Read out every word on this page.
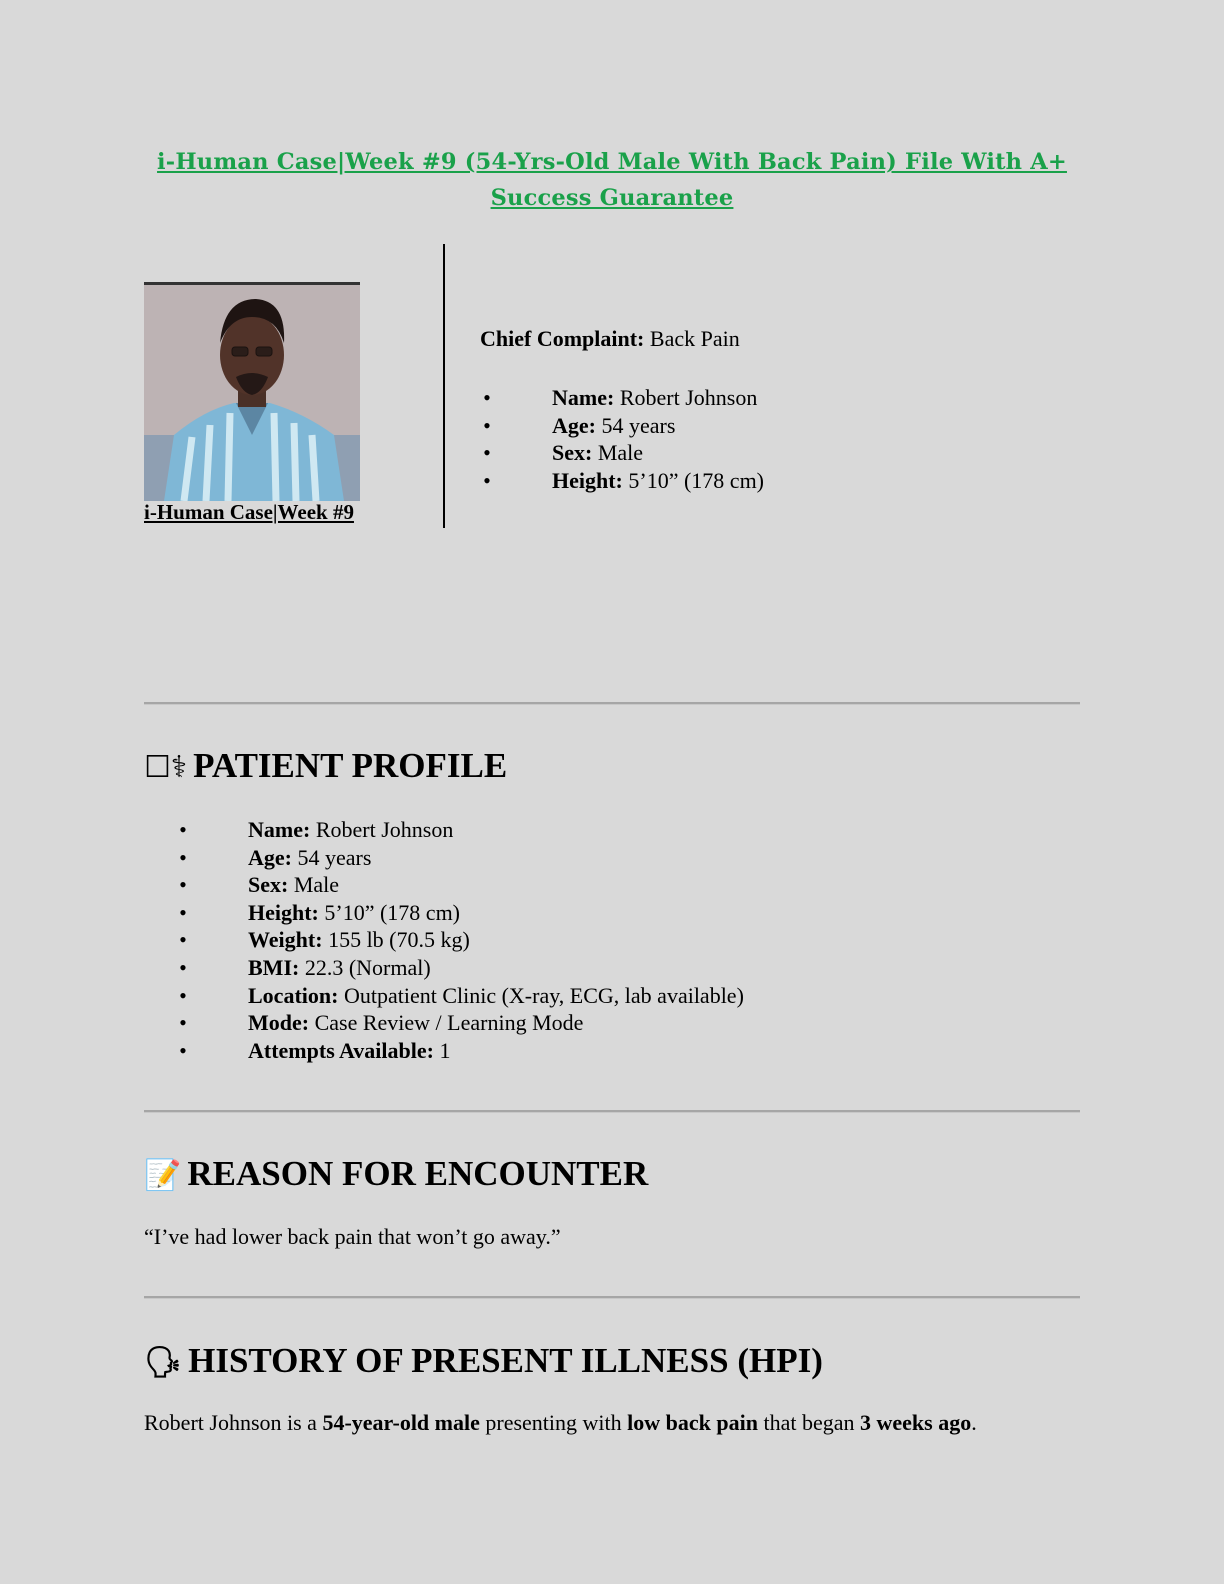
i-Human Case|Week #9 (54-Yrs-Old Male With Back Pain) File With A+ Success Guarantee
i-Human Case|Week #9
Chief Complaint: Back Pain
• Name: Robert Johnson
• Age: 54 years
• Sex: Male
• Height: 5’10” (178 cm)
☐⚕ PATIENT PROFILE
• Name: Robert Johnson
• Age: 54 years
• Sex: Male
• Height: 5’10” (178 cm)
• Weight: 155 lb (70.5 kg)
• BMI: 22.3 (Normal)
• Location: Outpatient Clinic (X-ray, ECG, lab available)
• Mode: Case Review / Learning Mode
• Attempts Available: 1
📝 REASON FOR ENCOUNTER
“I’ve had lower back pain that won’t go away.”
🗣 HISTORY OF PRESENT ILLNESS (HPI)
Robert Johnson is a 54-year-old male presenting with low back pain that began 3 weeks ago.
